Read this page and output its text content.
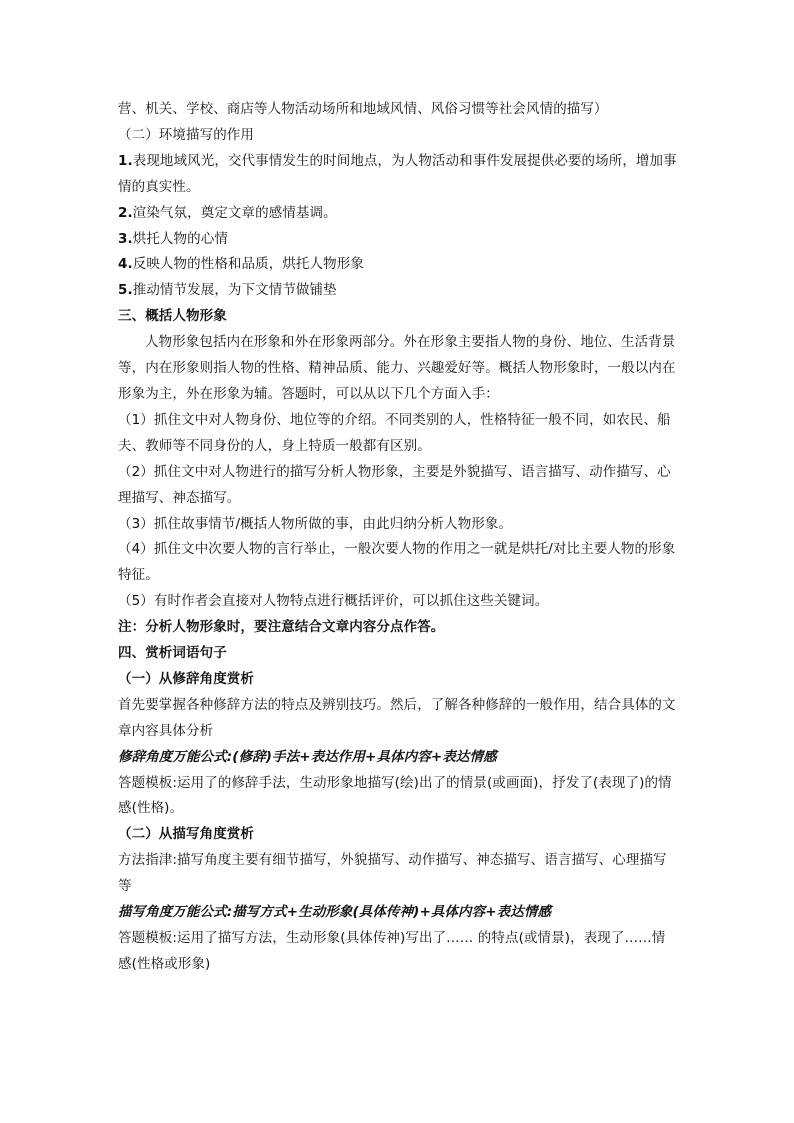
营、机关、学校、商店等人物活动场所和地域风情、风俗习惯等社会风情的描写）

（二）环境描写的作用

1.表现地域风光，交代事情发生的时间地点，为人物活动和事件发展提供必要的场所，增加事情的真实性。

2.渲染气氛，奠定文章的感情基调。

3.烘托人物的心情

4.反映人物的性格和品质，烘托人物形象

5.推动情节发展，为下文情节做铺垫

三、概括人物形象

人物形象包括内在形象和外在形象两部分。外在形象主要指人物的身份、地位、生活背景等，内在形象则指人物的性格、精神品质、能力、兴趣爱好等。概括人物形象时，一般以内在形象为主，外在形象为辅。答题时，可以从以下几个方面入手：

（1）抓住文中对人物身份、地位等的介绍。不同类别的人，性格特征一般不同，如农民、船夫、教师等不同身份的人，身上特质一般都有区别。

（2）抓住文中对人物进行的描写分析人物形象，主要是外貌描写、语言描写、动作描写、心理描写、神态描写。

（3）抓住故事情节/概括人物所做的事，由此归纳分析人物形象。

（4）抓住文中次要人物的言行举止，一般次要人物的作用之一就是烘托/对比主要人物的形象特征。

（5）有时作者会直接对人物特点进行概括评价，可以抓住这些关键词。

注：分析人物形象时，要注意结合文章内容分点作答。

四、赏析词语句子

（一）从修辞角度赏析

首先要掌握各种修辞方法的特点及辨别技巧。然后，了解各种修辞的一般作用，结合具体的文章内容具体分析

修辞角度万能公式:(修辞)手法+表达作用+具体内容+表达情感

答题模板:运用了的修辞手法，生动形象地描写(绘)出了的情景(或画面)，抒发了(表现了)的情感(性格)。

（二）从描写角度赏析

方法指津:描写角度主要有细节描写，外貌描写、动作描写、神态描写、语言描写、心理描写等

描写角度万能公式:描写方式+生动形象(具体传神)+具体内容+表达情感

答题模板:运用了描写方法，生动形象(具体传神)写出了…… 的特点(或情景)，表现了……情感(性格或形象)
